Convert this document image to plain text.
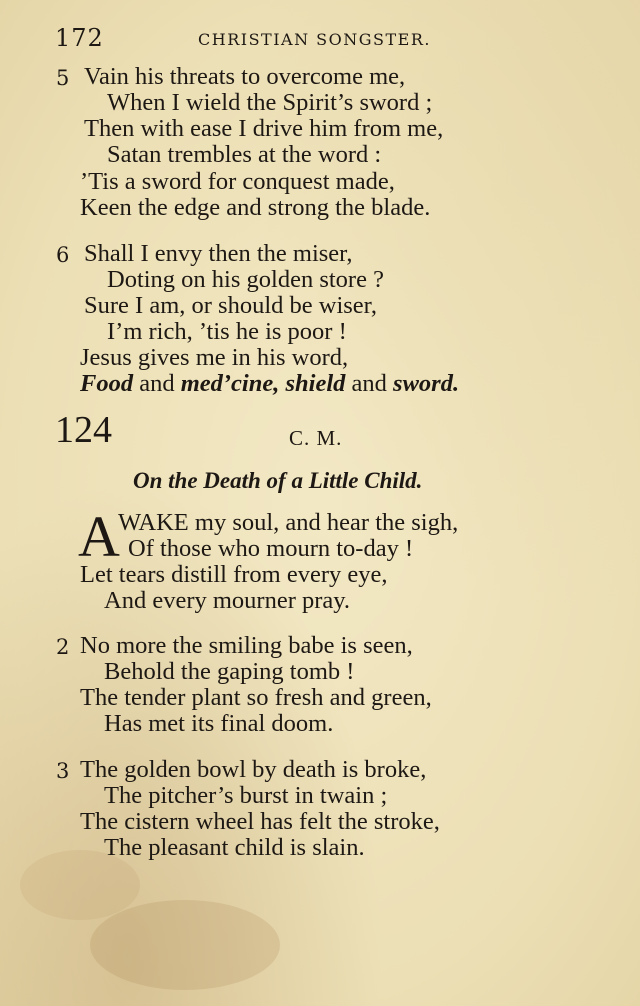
172	CHRISTIAN SONGSTER.
5 Vain his threats to overcome me,
When I wield the Spirit’s sword ;
Then with ease I drive him from me,
Satan trembles at the word :
’Tis a sword for conquest made,
Keen the edge and strong the blade.
6 Shall I envy then the miser,
Doting on his golden store ?
Sure I am, or should be wiser,
I’m rich, ’tis he is poor !
Jesus gives me in his word,
Food and med’cine, shield and sword.
124	C. M.
On the Death of a Little Child.
A
WAKE my soul, and hear the sigh,
Of those who mourn to-day !
Let tears distill from every eye,
And every mourner pray.
2 No more the smiling babe is seen,
Behold the gaping tomb !
The tender plant so fresh and green,
Has met its final doom.
3 The golden bowl by death is broke,
The pitcher’s burst in twain ;
The cistern wheel has felt the stroke,
The pleasant child is slain.
